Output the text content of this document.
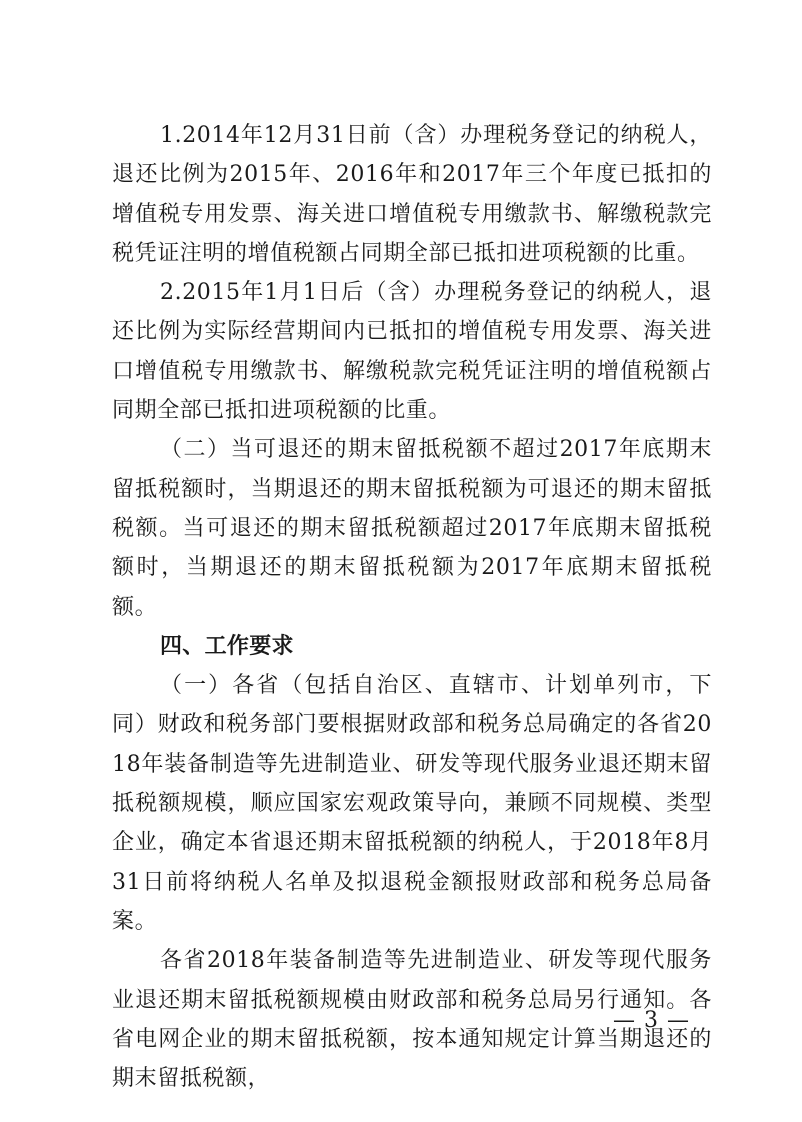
1.2014年12月31日前（含）办理税务登记的纳税人，退还比例为2015年、2016年和2017年三个年度已抵扣的增值税专用发票、海关进口增值税专用缴款书、解缴税款完税凭证注明的增值税额占同期全部已抵扣进项税额的比重。

2.2015年1月1日后（含）办理税务登记的纳税人，退还比例为实际经营期间内已抵扣的增值税专用发票、海关进口增值税专用缴款书、解缴税款完税凭证注明的增值税额占同期全部已抵扣进项税额的比重。

（二）当可退还的期末留抵税额不超过2017年底期末留抵税额时，当期退还的期末留抵税额为可退还的期末留抵税额。当可退还的期末留抵税额超过2017年底期末留抵税额时，当期退还的期末留抵税额为2017年底期末留抵税额。

四、工作要求

（一）各省（包括自治区、直辖市、计划单列市，下同）财政和税务部门要根据财政部和税务总局确定的各省2018年装备制造等先进制造业、研发等现代服务业退还期末留抵税额规模，顺应国家宏观政策导向，兼顾不同规模、类型企业，确定本省退还期末留抵税额的纳税人，于2018年8月31日前将纳税人名单及拟退税金额报财政部和税务总局备案。

各省2018年装备制造等先进制造业、研发等现代服务业退还期末留抵税额规模由财政部和税务总局另行通知。各省电网企业的期末留抵税额，按本通知规定计算当期退还的期末留抵税额，

— 3 —
